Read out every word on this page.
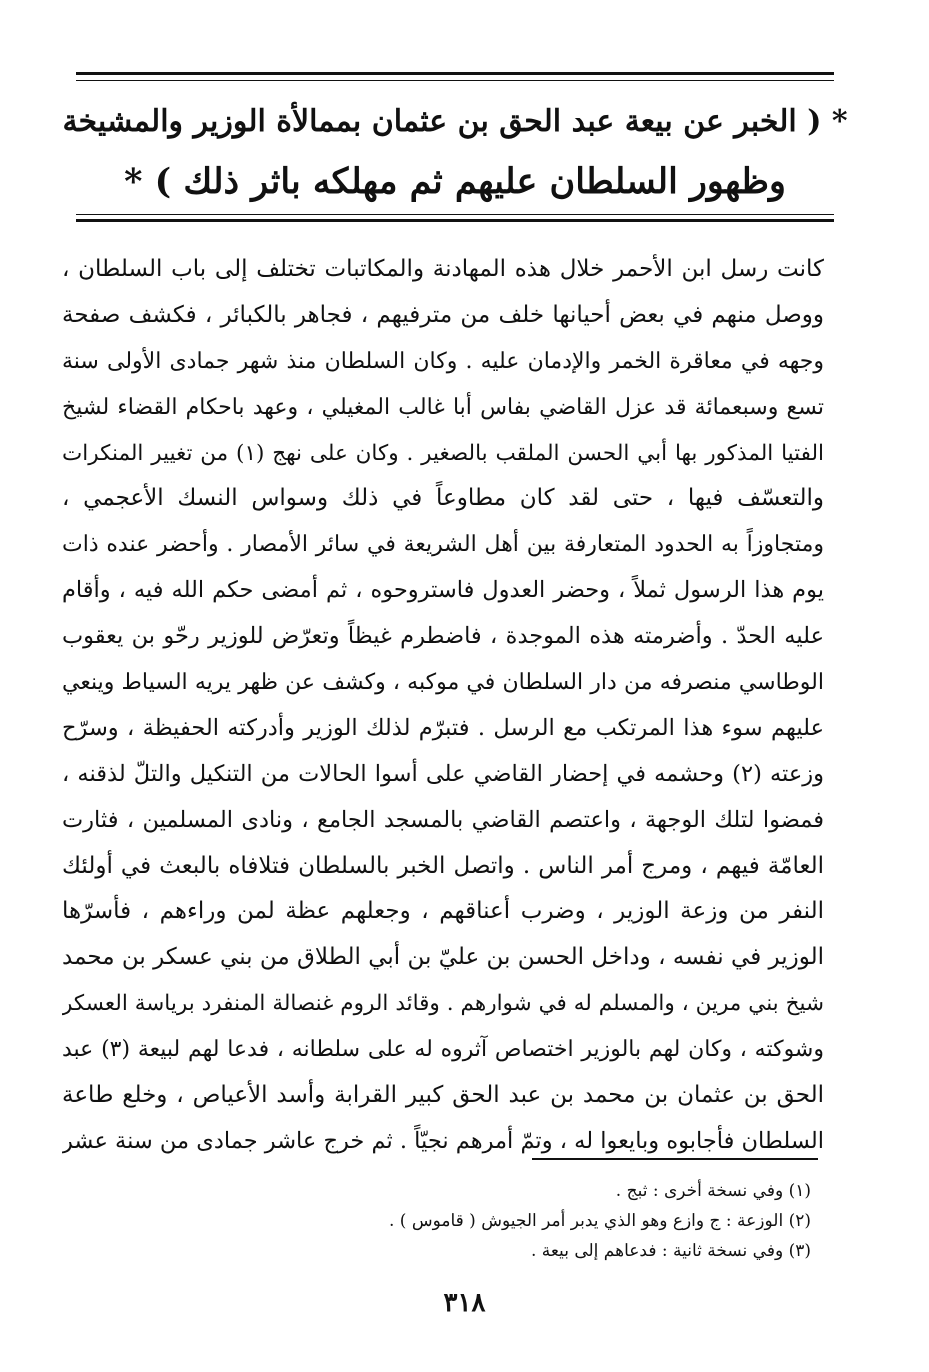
* ( الخبر عن بيعة عبد الحق بن عثمان بممالأة الوزير والمشيخة
وظهور السلطان عليهم ثم مهلكه باثر ذلك ) *
كانت رسل ابن الأحمر خلال هذه المهادنة والمكاتبات تختلف إلى باب السلطان ،
ووصل منهم في بعض أحيانها خلف من مترفيهم ، فجاهر بالكبائر ، فكشف صفحة
وجهه في معاقرة الخمر والإدمان عليه . وكان السلطان منذ شهر جمادى الأولى سنة
تسع وسبعمائة قد عزل القاضي بفاس أبا غالب المغيلي ، وعهد باحكام القضاء لشيخ
الفتيا المذكور بها أبي الحسن الملقب بالصغير . وكان على نهج (١) من تغيير المنكرات
والتعسّف فيها ، حتى لقد كان مطاوعاً في ذلك وسواس النسك الأعجمي ،
ومتجاوزاً به الحدود المتعارفة بين أهل الشريعة في سائر الأمصار . وأحضر عنده ذات
يوم هذا الرسول ثملاً ، وحضر العدول فاستروحوه ، ثم أمضى حكم الله فيه ، وأقام
عليه الحدّ . وأضرمته هذه الموجدة ، فاضطرم غيظاً وتعرّض للوزير رحّو بن يعقوب
الوطاسي منصرفه من دار السلطان في موكبه ، وكشف عن ظهر يريه السياط وينعي
عليهم سوء هذا المرتكب مع الرسل . فتبرّم لذلك الوزير وأدركته الحفيظة ، وسرّح
وزعته (٢) وحشمه في إحضار القاضي على أسوا الحالات من التنكيل والتلّ لذقنه ،
فمضوا لتلك الوجهة ، واعتصم القاضي بالمسجد الجامع ، ونادى المسلمين ، فثارت
العامّة فيهم ، ومرج أمر الناس . واتصل الخبر بالسلطان فتلافاه بالبعث في أولئك
النفر من وزعة الوزير ، وضرب أعناقهم ، وجعلهم عظة لمن وراءهم ، فأسرّها
الوزير في نفسه ، وداخل الحسن بن عليّ بن أبي الطلاق من بني عسكر بن محمد
شيخ بني مرين ، والمسلم له في شوارهم . وقائد الروم غنصالة المنفرد برياسة العسكر
وشوكته ، وكان لهم بالوزير اختصاص آثروه له على سلطانه ، فدعا لهم لبيعة (٣) عبد
الحق بن عثمان بن محمد بن عبد الحق كبير القرابة وأسد الأعياص ، وخلع طاعة
السلطان فأجابوه وبايعوا له ، وتمّ أمرهم نجيّاً . ثم خرج عاشر جمادى من سنة عشر
(١) وفي نسخة أخرى : ثبج .
(٢) الوزعة : ج وازع وهو الذي يدبر أمر الجيوش ( قاموس ) .
(٣) وفي نسخة ثانية : فدعاهم إلى بيعة .
٣١٨
